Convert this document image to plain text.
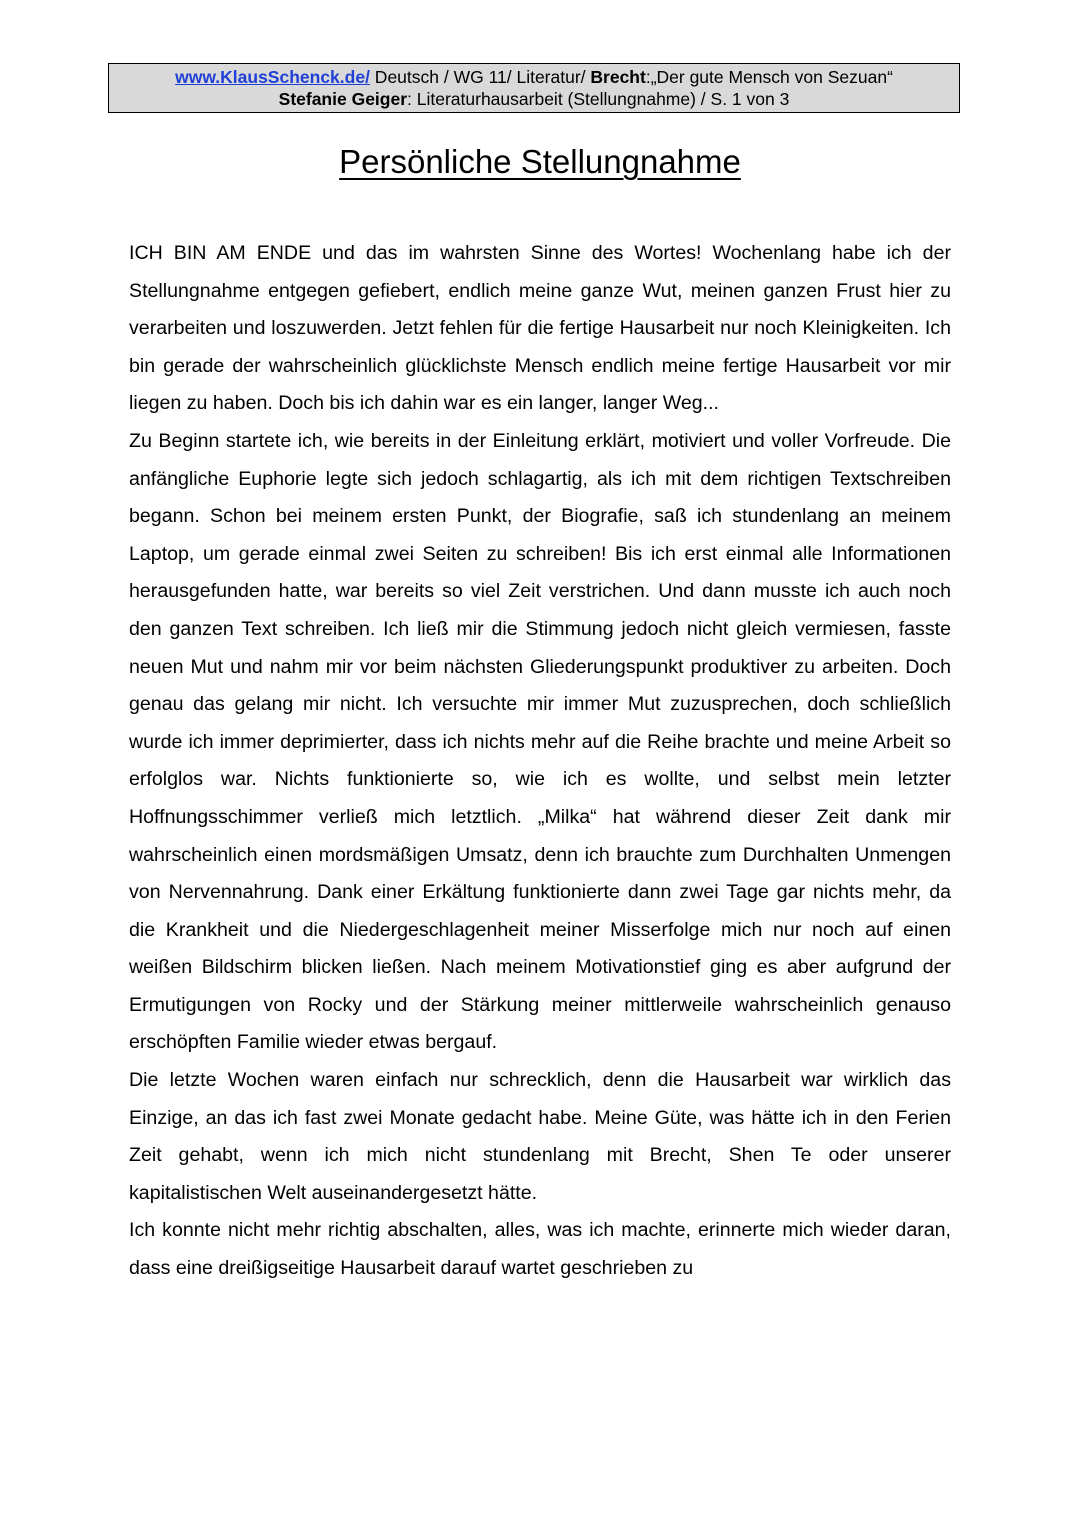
www.KlausSchenck.de/ Deutsch / WG 11/ Literatur/ Brecht:„Der gute Mensch von Sezuan“
Stefanie Geiger: Literaturhausarbeit (Stellungnahme) / S. 1 von 3
Persönliche Stellungnahme

ICH BIN AM ENDE und das im wahrsten Sinne des Wortes! Wochenlang habe ich der Stellungnahme entgegen gefiebert, endlich meine ganze Wut, meinen ganzen Frust hier zu verarbeiten und loszuwerden. Jetzt fehlen für die fertige Hausarbeit nur noch Kleinigkeiten. Ich bin gerade der wahrscheinlich glücklichste Mensch endlich meine fertige Hausarbeit vor mir liegen zu haben. Doch bis ich dahin war es ein langer, langer Weg...

Zu Beginn startete ich, wie bereits in der Einleitung erklärt, motiviert und voller Vorfreude. Die anfängliche Euphorie legte sich jedoch schlagartig, als ich mit dem richtigen Textschreiben begann. Schon bei meinem ersten Punkt, der Biografie, saß ich stundenlang an meinem Laptop, um gerade einmal zwei Seiten zu schreiben! Bis ich erst einmal alle Informationen herausgefunden hatte, war bereits so viel Zeit verstrichen. Und dann musste ich auch noch den ganzen Text schreiben. Ich ließ mir die Stimmung jedoch nicht gleich vermiesen, fasste neuen Mut und nahm mir vor beim nächsten Gliederungspunkt produktiver zu arbeiten. Doch genau das gelang mir nicht. Ich versuchte mir immer Mut zuzusprechen, doch schließlich wurde ich immer deprimierter, dass ich nichts mehr auf die Reihe brachte und meine Arbeit so erfolglos war. Nichts funktionierte so, wie ich es wollte, und selbst mein letzter Hoffnungsschimmer verließ mich letztlich. „Milka“ hat während dieser Zeit dank mir wahrscheinlich einen mordsmäßigen Umsatz, denn ich brauchte zum Durchhalten Unmengen von Nervennahrung. Dank einer Erkältung funktionierte dann zwei Tage gar nichts mehr, da die Krankheit und die Niedergeschlagenheit meiner Misserfolge mich nur noch auf einen weißen Bildschirm blicken ließen. Nach meinem Motivationstief ging es aber aufgrund der Ermutigungen von Rocky und der Stärkung meiner mittlerweile wahrscheinlich genauso erschöpften Familie wieder etwas bergauf.

Die letzte Wochen waren einfach nur schrecklich, denn die Hausarbeit war wirklich das Einzige, an das ich fast zwei Monate gedacht habe. Meine Güte, was hätte ich in den Ferien Zeit gehabt, wenn ich mich nicht stundenlang mit Brecht, Shen Te oder unserer kapitalistischen Welt auseinandergesetzt hätte.

Ich konnte nicht mehr richtig abschalten, alles, was ich machte, erinnerte mich wieder daran, dass eine dreißigseitige Hausarbeit darauf wartet geschrieben zu
